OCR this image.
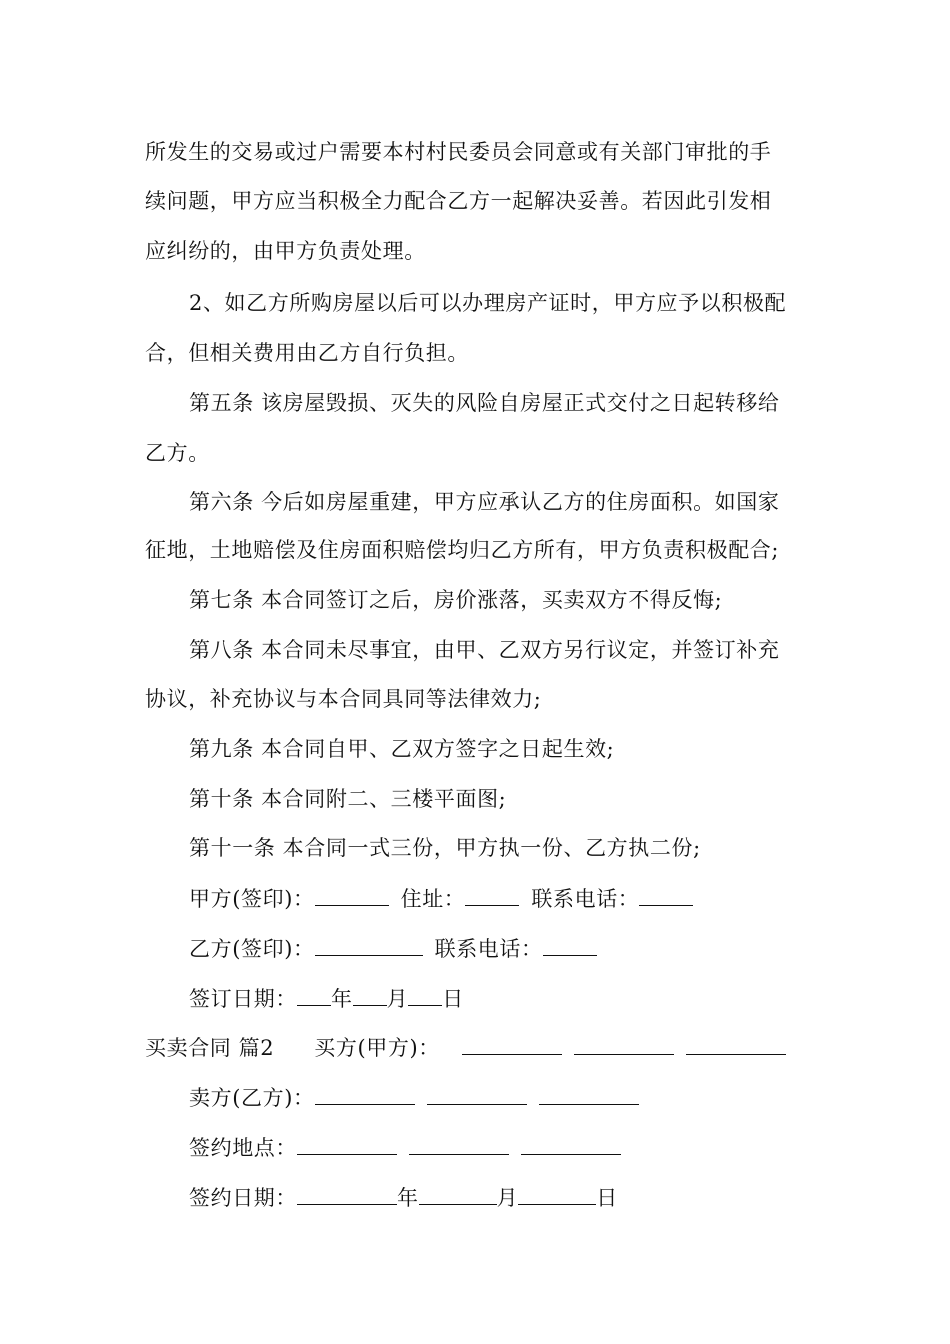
所发生的交易或过户需要本村村民委员会同意或有关部门审批的手
续问题，甲方应当积极全力配合乙方一起解决妥善。若因此引发相
应纠纷的，由甲方负责处理。
2、如乙方所购房屋以后可以办理房产证时，甲方应予以积极配
合，但相关费用由乙方自行负担。
第五条 该房屋毁损、灭失的风险自房屋正式交付之日起转移给
乙方。
第六条 今后如房屋重建，甲方应承认乙方的住房面积。如国家
征地，土地赔偿及住房面积赔偿均归乙方所有，甲方负责积极配合;
第七条 本合同签订之后，房价涨落，买卖双方不得反悔;
第八条 本合同未尽事宜，由甲、乙双方另行议定，并签订补充
协议，补充协议与本合同具同等法律效力;
第九条 本合同自甲、乙双方签字之日起生效;
第十条 本合同附二、三楼平面图;
第十一条 本合同一式三份，甲方执一份、乙方执二份;
甲方(签印)：	住址：	联系电话：
乙方(签印)：	联系电话：
签订日期： 年 月 日
买卖合同 篇2 买方(甲方)：
卖方(乙方)：
签约地点：
签约日期：	年	月	日
